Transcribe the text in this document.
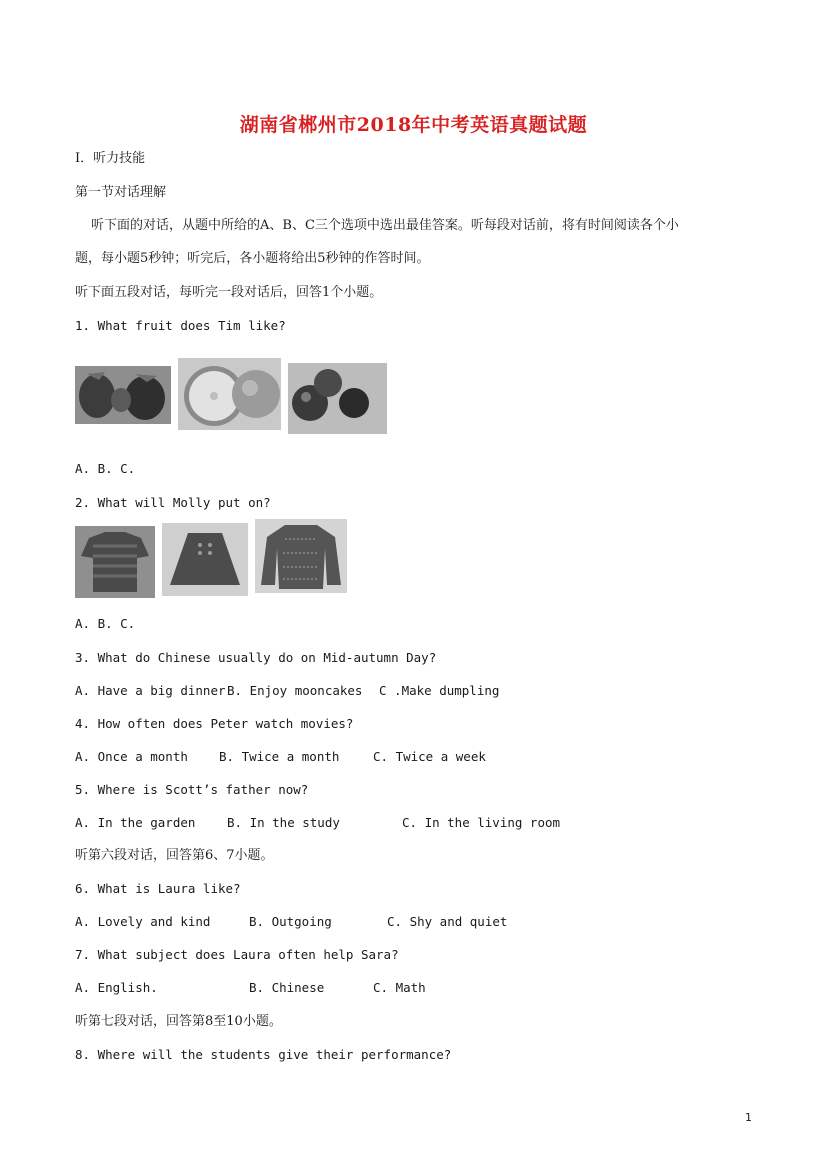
湖南省郴州市2018年中考英语真题试题
I．听力技能
第一节对话理解
听下面的对话，从题中所给的A、B、C三个选项中选出最佳答案。听每段对话前，将有时间阅读各个小
题，每小题5秒钟；听完后，各小题将给出5秒钟的作答时间。
听下面五段对话，每听完一段对话后，回答1个小题。
1. What fruit does Tim like?
A. B. C.
2. What will Molly put on?
A. B. C.
3. What do Chinese usually do on Mid-autumn Day?
A. Have a big dinnerB. Enjoy mooncakes C .Make dumpling
4. How often does Peter watch movies?
A. Once a month B. Twice a month	C. Twice a week
5. Where is Scott’s father now?
A. In the garden	B. In the study	C. In the living room
听第六段对话，回答第6、7小题。
6. What is Laura like?
A. Lovely and kind	B. Outgoing	C. Shy and quiet
7. What subject does Laura often help Sara?
A. English.	B. Chinese	C. Math
听第七段对话，回答第8至10小题。
8. Where will the students give their performance?
1
